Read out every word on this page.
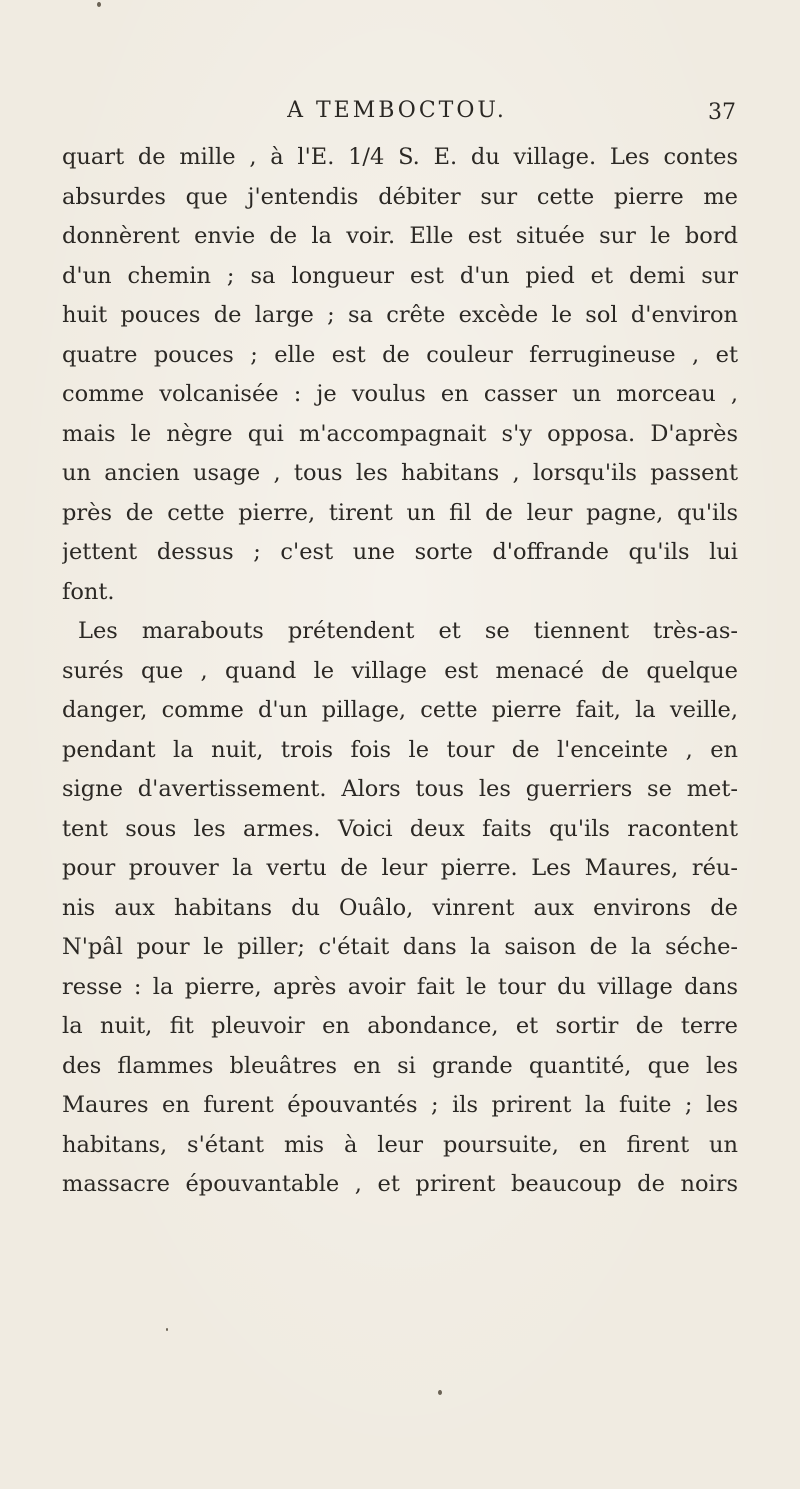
A TEMBOCTOU.	37
quart de mille , à l'E. 1/4 S. E. du village. Les contes
absurdes que j'entendis débiter sur cette pierre me
donnèrent envie de la voir. Elle est située sur le bord
d'un chemin ; sa longueur est d'un pied et demi sur
huit pouces de large ; sa crête excède le sol d'environ
quatre pouces ; elle est de couleur ferrugineuse , et
comme volcanisée : je voulus en casser un morceau ,
mais le nègre qui m'accompagnait s'y opposa. D'après
un ancien usage , tous les habitans , lorsqu'ils passent
près de cette pierre, tirent un fil de leur pagne, qu'ils
jettent dessus ; c'est une sorte d'offrande qu'ils lui
font.
Les marabouts prétendent et se tiennent très-as-
surés que , quand le village est menacé de quelque
danger, comme d'un pillage, cette pierre fait, la veille,
pendant la nuit, trois fois le tour de l'enceinte , en
signe d'avertissement. Alors tous les guerriers se met-
tent sous les armes. Voici deux faits qu'ils racontent
pour prouver la vertu de leur pierre. Les Maures, réu-
nis aux habitans du Ouâlo, vinrent aux environs de
N'pâl pour le piller; c'était dans la saison de la séche-
resse : la pierre, après avoir fait le tour du village dans
la nuit, fit pleuvoir en abondance, et sortir de terre
des flammes bleuâtres en si grande quantité, que les
Maures en furent épouvantés ; ils prirent la fuite ; les
habitans, s'étant mis à leur poursuite, en firent un
massacre épouvantable , et prirent beaucoup de noirs
